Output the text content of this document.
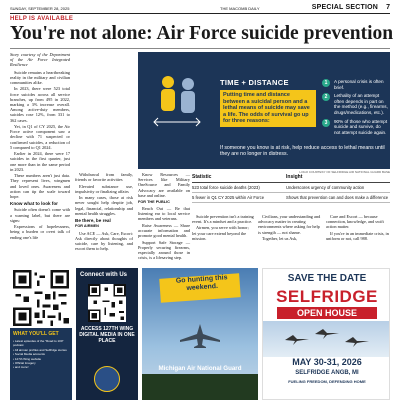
SUNDAY, SEPTEMBER 28, 2025	THE MACOMB DAILY	SPECIAL SECTION 7
HELP IS AVAILABLE
You're not alone: Air Force suicide prevention

Story courtesy of the Department of the Air Force Integrated Resilience

Suicide remains a heartbreaking reality in the military and civilian communities alike.

In 2023, there were 523 total force suicides across all service branches, up from 495 in 2022, marking a 3% increase overall. Among active-duty members, suicides rose 12%, from 331 to 362 cases.

Yet, in Q1 of CY 2025, the Air Force active component saw a decline with 71 suspected or confirmed suicides, a reduction of 5 compared to Q1 2024.

Earlier in 2024, there were 17 suicides in the first quarter, just one more than in the same period in 2023.

These numbers aren't just data. They represent lives, wingmen and loved ones. Awareness and action can tip the scale toward hope.

Know what to look for

Suicide often doesn't come with a warning label, but there are signs:

Expressions of hopelessness, being a burden or overt talk of ending one's life

TIME + DISTANCE
Putting time and distance between a suicidal person and a lethal means of suicide may save a life. The odds of survival go up for three reasons:
1	A personal crisis is often brief.
2	Lethality of an attempt often depends in part on the method (e.g., firearms, drugs/medications, etc.).
3	90% of those who attempt suicide and survive, do not attempt suicide again.
If someone you know is at risk, help reduce access to lethal means until they are no longer in distress.
LOGO COURTESY OF SELFRIDGE AIR NATIONAL GUARD BASE

Withdrawal from family, friends or favorite activities

Elevated substance use, impulsivity or finalizing affairs

In many cases, those at risk never sought help despite job, legal, financial, relationship and mental health struggles.

Be there, be real

FOR AIRMEN

Use ACE — Ask, Care, Escort: Ask directly about thoughts of suicide, care by listening, and escort them to help.

Know Resources — Services like Military OneSource and Family Advocacy are available on base and online.

FOR THE PUBLIC

Reach Out — Be that listening ear to local service members and veterans.

Raise Awareness — Share accurate information and promote good mental health.

Support Safe Storage — Properly securing firearms, especially around those in crisis, is a lifesaving step.

Statistic	Insight
523 total force suicide deaths (2023)	Underscores urgency of community action
5 fewer in Q1 CY 2025 within Air Force	Shows that prevention can and does make a difference

Suicide prevention isn't a training event. It's a mindset and a practice.

Airmen, you serve with honor; let your care extend beyond the mission.

Civilians, your understanding and advocacy matter in creating environments where asking for help is strength — not shame.

Together, let us Ask,

Care and Escort — because connection, knowledge, and swift action matter.

If you're in an immediate crisis, in uniform or not, call 988.

WHAT YOU'LL GET
• Latest episodes of the "Road to 100" podcast
• All airman profiles and Selfridge stories
• Social Media accounts
• 127th Wing website
• Official Imagery
• and more!
Connect with Us
ACCESS 127TH WING DIGITAL MEDIA IN ONE PLACE
Go hunting this weekend.
Michigan Air National Guard
SAVE THE DATE
SELFRIDGE
OPEN HOUSE
MAY 30-31, 2026
SELFRIDGE ANGB, MI
FUELING FREEDOM, DEFENDING HOME
